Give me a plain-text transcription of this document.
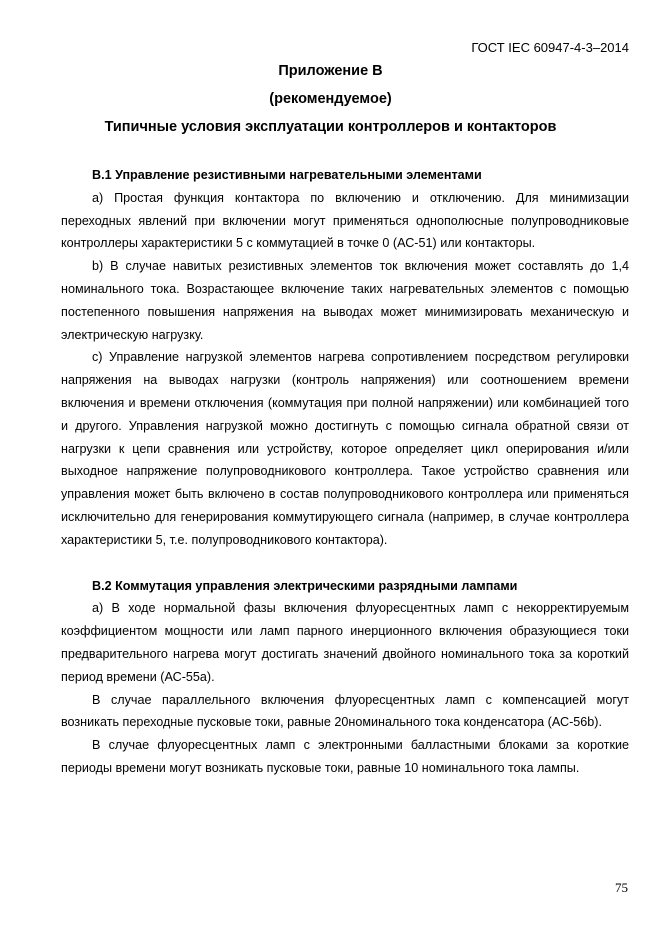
ГОСТ IEC 60947-4-3–2014
Приложение В
(рекомендуемое)
Типичные условия эксплуатации контроллеров и контакторов
В.1 Управление резистивными нагревательными элементами

а) Простая функция контактора по включению и отключению. Для минимизации переходных явлений при включении могут применяться однополюсные полупроводниковые контроллеры характеристики 5 с коммутацией в точке 0 (АС-51) или контакторы.

b) В случае навитых резистивных элементов ток включения может составлять до 1,4 номинального тока. Возрастающее включение таких нагревательных элементов с помощью постепенного повышения напряжения на выводах может минимизировать механическую и электрическую нагрузку.

с) Управление нагрузкой элементов нагрева сопротивлением посредством регулировки напряжения на выводах нагрузки (контроль напряжения) или соотношением времени включения и времени отключения (коммутация при полной напряжении) или комбинацией того и другого. Управления нагрузкой можно достигнуть с помощью сигнала обратной связи от нагрузки к цепи сравнения или устройству, которое определяет цикл оперирования и/или выходное напряжение полупроводникового контроллера. Такое устройство сравнения или управления может быть включено в состав полупроводникового контроллера или применяться исключительно для генерирования коммутирующего сигнала (например, в случае контроллера характеристики 5, т.е. полупроводникового контактора).

В.2 Коммутация управления электрическими разрядными лампами

а) В ходе нормальной фазы включения флуоресцентных ламп с некорректируемым коэффициентом мощности или ламп парного инерционного включения образующиеся токи предварительного нагрева могут достигать значений двойного номинального тока за короткий период времени (АС-55а).

В случае параллельного включения флуоресцентных ламп с компенсацией могут возникать переходные пусковые токи, равные 20номинального тока конденсатора (АС-56b).

В случае флуоресцентных ламп с электронными балластными блоками за короткие периоды времени могут возникать пусковые токи, равные 10 номинального тока лампы.

75
